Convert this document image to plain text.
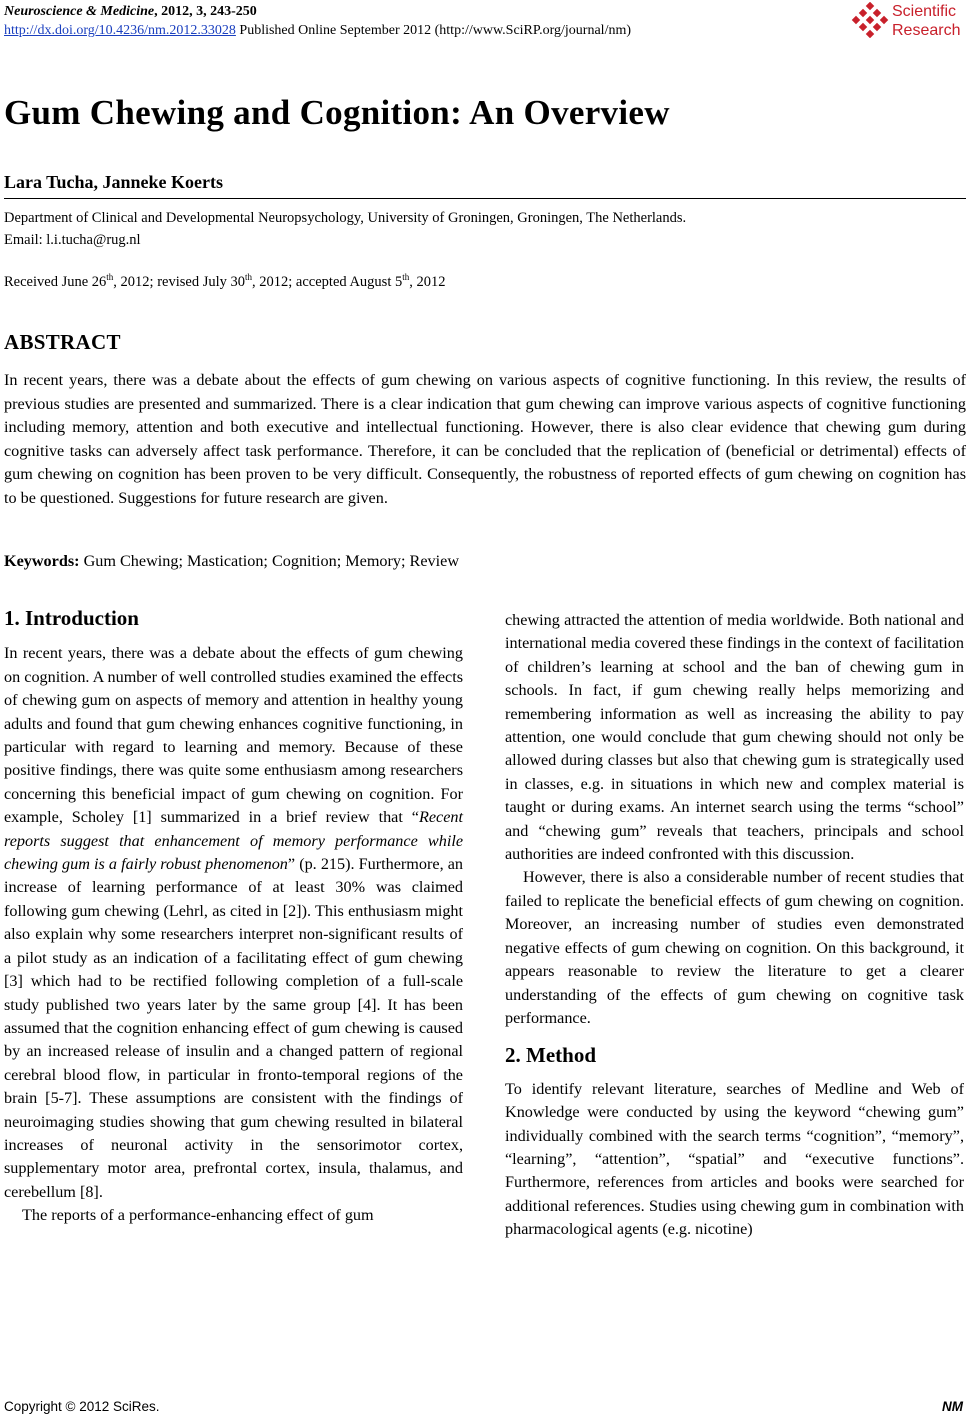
Neuroscience & Medicine, 2012, 3, 243-250
http://dx.doi.org/10.4236/nm.2012.33028 Published Online September 2012 (http://www.SciRP.org/journal/nm)
Scientific
Research
Gum Chewing and Cognition: An Overview
Lara Tucha, Janneke Koerts
Department of Clinical and Developmental Neuropsychology, University of Groningen, Groningen, The Netherlands.
Email: l.i.tucha@rug.nl
Received June 26th, 2012; revised July 30th, 2012; accepted August 5th, 2012
ABSTRACT
In recent years, there was a debate about the effects of gum chewing on various aspects of cognitive functioning. In this review, the results of previous studies are presented and summarized. There is a clear indication that gum chewing can improve various aspects of cognitive functioning including memory, attention and both executive and intellectual functioning. However, there is also clear evidence that chewing gum during cognitive tasks can adversely affect task performance. Therefore, it can be concluded that the replication of (beneficial or detrimental) effects of gum chewing on cognition has been proven to be very difficult. Consequently, the robustness of reported effects of gum chewing on cognition has to be questioned. Suggestions for future research are given.
Keywords: Gum Chewing; Mastication; Cognition; Memory; Review
1. Introduction

In recent years, there was a debate about the effects of gum chewing on cognition. A number of well controlled studies examined the effects of chewing gum on aspects of memory and attention in healthy young adults and found that gum chewing enhances cognitive functioning, in particular with regard to learning and memory. Because of these positive findings, there was quite some enthusiasm among researchers concerning this beneficial impact of gum chewing on cognition. For example, Scholey [1] summarized in a brief review that “Recent reports suggest that enhancement of memory performance while chewing gum is a fairly robust phenomenon” (p. 215). Furthermore, an increase of learning performance of at least 30% was claimed following gum chewing (Lehrl, as cited in [2]). This enthusiasm might also explain why some researchers interpret non-significant results of a pilot study as an indication of a facilitating effect of gum chewing [3] which had to be rectified following completion of a full-scale study published two years later by the same group [4]. It has been assumed that the cognition enhancing effect of gum chewing is caused by an increased release of insulin and a changed pattern of regional cerebral blood flow, in particular in fronto-temporal regions of the brain [5-7]. These assumptions are consistent with the findings of neuroimaging studies showing that gum chewing resulted in bilateral increases of neuronal activity in the sensorimotor cortex, supplementary motor area, prefrontal cortex, insula, thalamus, and cerebellum [8].

The reports of a performance-enhancing effect of gum

chewing attracted the attention of media worldwide. Both national and international media covered these findings in the context of facilitation of children’s learning at school and the ban of chewing gum in schools. In fact, if gum chewing really helps memorizing and remembering information as well as increasing the ability to pay attention, one would conclude that gum chewing should not only be allowed during classes but also that chewing gum is strategically used in classes, e.g. in situations in which new and complex material is taught or during exams. An internet search using the terms “school” and “chewing gum” reveals that teachers, principals and school authorities are indeed confronted with this discussion.

However, there is also a considerable number of recent studies that failed to replicate the beneficial effects of gum chewing on cognition. Moreover, an increasing number of studies even demonstrated negative effects of gum chewing on cognition. On this background, it appears reasonable to review the literature to get a clearer understanding of the effects of gum chewing on cognitive task performance.

2. Method

To identify relevant literature, searches of Medline and Web of Knowledge were conducted by using the keyword “chewing gum” individually combined with the search terms “cognition”, “memory”, “learning”, “attention”, “spatial” and “executive functions”. Furthermore, references from articles and books were searched for additional references. Studies using chewing gum in combination with pharmacological agents (e.g. nicotine)

Copyright © 2012 SciRes.	NM
